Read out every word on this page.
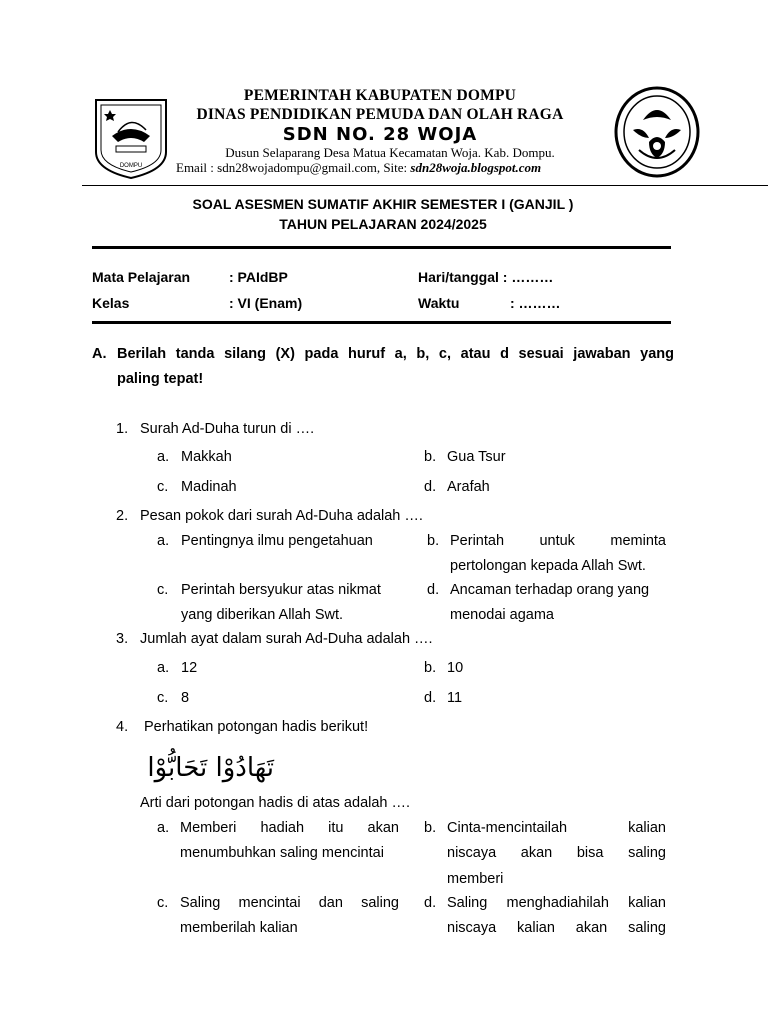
DOMPU
PEMERINTAH KABUPATEN DOMPU
DINAS PENDIDIKAN PEMUDA DAN OLAH RAGA
SDN NO. 28 WOJA
Dusun Selaparang Desa Matua Kecamatan Woja. Kab. Dompu.
Email : sdn28wojadompu@gmail.com, Site: sdn28woja.blogspot.com
SOAL ASESMEN SUMATIF AKHIR SEMESTER I (GANJIL )
TAHUN PELAJARAN 2024/2025
Mata Pelajaran	: PAIdBP	Hari/tanggal : ………
Kelas	: VI (Enam)	Waktu	: ………
A. Berilah tanda silang (X) pada huruf a, b, c, atau d sesuai jawaban yang
paling tepat!
1. Surah Ad-Duha turun di ….
a. Makkah	b. Gua Tsur
c. Madinah	d. Arafah
2. Pesan pokok dari surah Ad-Duha adalah ….
a. Pentingnya ilmu pengetahuan	b. Perintah untuk meminta
pertolongan kepada Allah Swt.
c. Perintah bersyukur atas nikmat
yang diberikan Allah Swt.
d. Ancaman terhadap orang yang
menodai agama
3. Jumlah ayat dalam surah Ad-Duha adalah ….
a. 12	b. 10
c. 8	d. 11
4. Perhatikan potongan hadis berikut!
تَهَادُوْا تَحَابُّوْا
Arti dari potongan hadis di atas adalah ….
a. Memberi hadiah itu akan
menumbuhkan saling mencintai
b. Cinta-mencintailah kalian
niscaya akan bisa saling
memberi
c. Saling mencintai dan saling
memberilah kalian
d. Saling menghadiahilah kalian
niscaya kalian akan saling
